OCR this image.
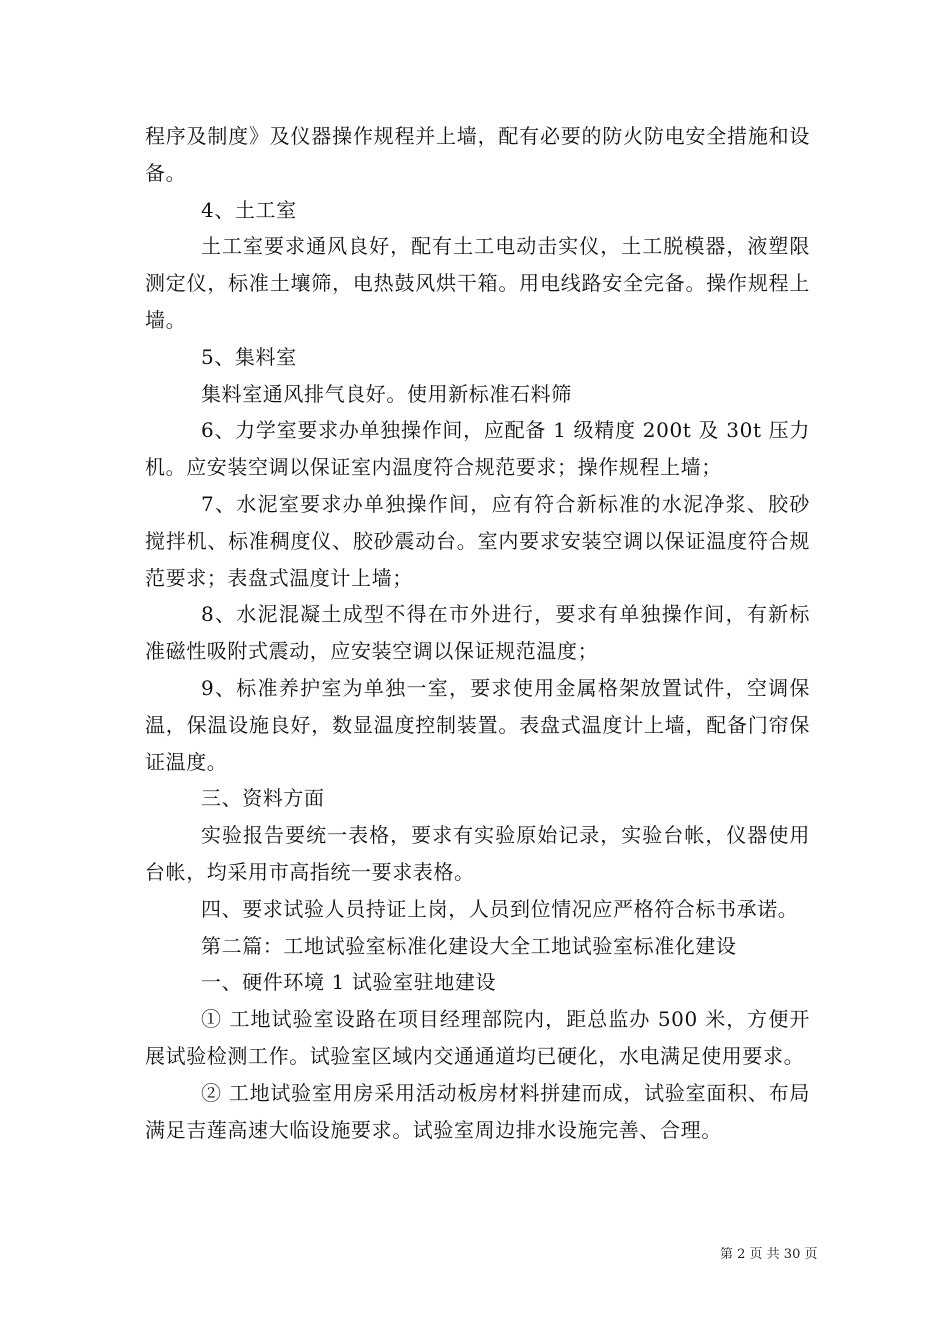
程序及制度》及仪器操作规程并上墙，配有必要的防火防电安全措施和设备。

4、土工室

土工室要求通风良好，配有土工电动击实仪，土工脱模器，液塑限测定仪，标准土壤筛，电热鼓风烘干箱。用电线路安全完备。操作规程上墙。

5、集料室

集料室通风排气良好。使用新标准石料筛

6、力学室要求办单独操作间，应配备 1 级精度 200t 及 30t 压力机。应安装空调以保证室内温度符合规范要求；操作规程上墙；

7、水泥室要求办单独操作间，应有符合新标准的水泥净浆、胶砂搅拌机、标准稠度仪、胶砂震动台。室内要求安装空调以保证温度符合规范要求；表盘式温度计上墙；

8、水泥混凝土成型不得在市外进行，要求有单独操作间，有新标准磁性吸附式震动，应安装空调以保证规范温度；

9、标准养护室为单独一室，要求使用金属格架放置试件，空调保温，保温设施良好，数显温度控制装置。表盘式温度计上墙，配备门帘保证温度。

三、资料方面

实验报告要统一表格，要求有实验原始记录，实验台帐，仪器使用台帐，均采用市高指统一要求表格。

四、要求试验人员持证上岗，人员到位情况应严格符合标书承诺。

第二篇：工地试验室标准化建设大全工地试验室标准化建设

一、硬件环境 1 试验室驻地建设

① 工地试验室设路在项目经理部院内，距总监办 500 米，方便开展试验检测工作。试验室区域内交通通道均已硬化，水电满足使用要求。

② 工地试验室用房采用活动板房材料拼建而成，试验室面积、布局满足吉莲高速大临设施要求。试验室周边排水设施完善、合理。

第 2 页 共 30 页
